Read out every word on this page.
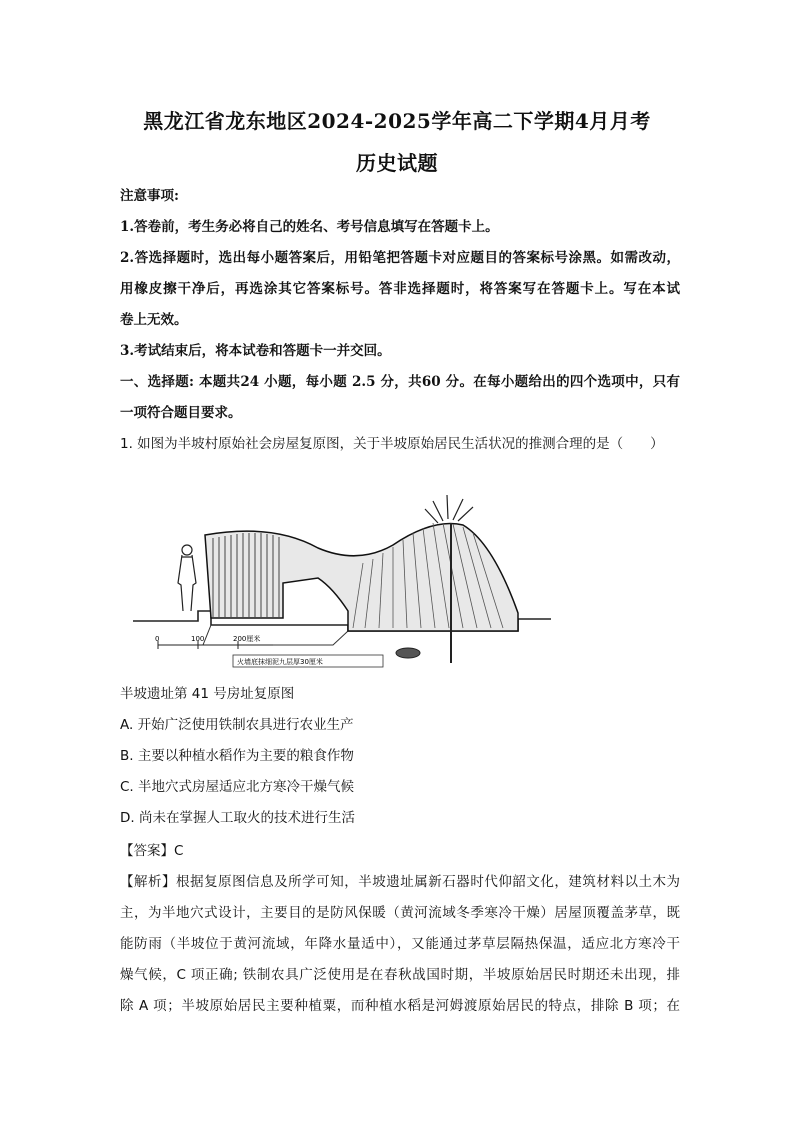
黑龙江省龙东地区2024-2025学年高二下学期4月月考
历史试题
注意事项:
1.答卷前，考生务必将自己的姓名、考号信息填写在答题卡上。
2.答选择题时，选出每小题答案后，用铅笔把答题卡对应题目的答案标号涂黑。如需改动，
用橡皮擦干净后，再选涂其它答案标号。答非选择题时，将答案写在答题卡上。写在本试
卷上无效。
3.考试结束后，将本试卷和答题卡一并交回。
一、选择题: 本题共24 小题，每小题 2.5 分，共60 分。在每小题给出的四个选项中，只有
一项符合题目要求。
1. 如图为半坡村原始社会房屋复原图，关于半坡原始居民生活状况的推测合理的是（　　）
0	100	200厘米
火墙底抹细泥九层厚30厘米
半坡遗址第 41 号房址复原图
A. 开始广泛使用铁制农具进行农业生产
B. 主要以种植水稻作为主要的粮食作物
C. 半地穴式房屋适应北方寒冷干燥气候
D. 尚未在掌握人工取火的技术进行生活
【答案】C
【解析】根据复原图信息及所学可知，半坡遗址属新石器时代仰韶文化，建筑材料以土木为
主，为半地穴式设计，主要目的是防风保暖（黄河流域冬季寒冷干燥）居屋顶覆盖茅草，既
能防雨（半坡位于黄河流域，年降水量适中），又能通过茅草层隔热保温，适应北方寒冷干
燥气候，C 项正确; 铁制农具广泛使用是在春秋战国时期，半坡原始居民时期还未出现，排
除 A 项；半坡原始居民主要种植粟，而种植水稻是河姆渡原始居民的特点，排除 B 项；在
